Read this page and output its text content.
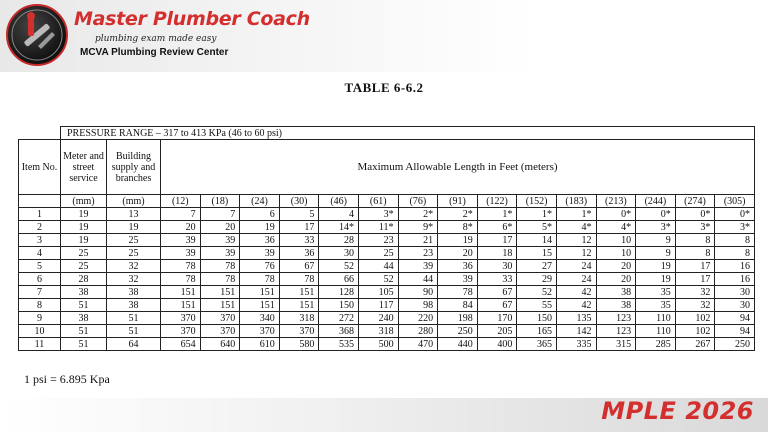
Master Plumber Coach
plumbing exam made easy
MCVA Plumbing Review Center
TABLE 6-6.2
	PRESSURE RANGE – 317 to 413 KPa (46 to 60 psi)																
Item No.	Meter and street service	Building supply and branches	Maximum Allowable Length in Feet (meters)														
	(mm)	(mm)	(12)	(18)	(24)	(30)	(46)	(61)	(76)	(91)	(122)	(152)	(183)	(213)	(244)	(274)	(305)
1	19	13	7	7	6	5	4	3*	2*	2*	1*	1*	1*	0*	0*	0*	0*
2	19	19	20	20	19	17	14*	11*	9*	8*	6*	5*	4*	4*	3*	3*	3*
3	19	25	39	39	36	33	28	23	21	19	17	14	12	10	9	8	8
4	25	25	39	39	39	36	30	25	23	20	18	15	12	10	9	8	8
5	25	32	78	78	76	67	52	44	39	36	30	27	24	20	19	17	16
6	28	32	78	78	78	78	66	52	44	39	33	29	24	20	19	17	16
7	38	38	151	151	151	151	128	105	90	78	67	52	42	38	35	32	30
8	51	38	151	151	151	151	150	117	98	84	67	55	42	38	35	32	30
9	38	51	370	370	340	318	272	240	220	198	170	150	135	123	110	102	94
10	51	51	370	370	370	370	368	318	280	250	205	165	142	123	110	102	94
11	51	64	654	640	610	580	535	500	470	440	400	365	335	315	285	267	250
1 psi = 6.895 Kpa
MPLE 2026
